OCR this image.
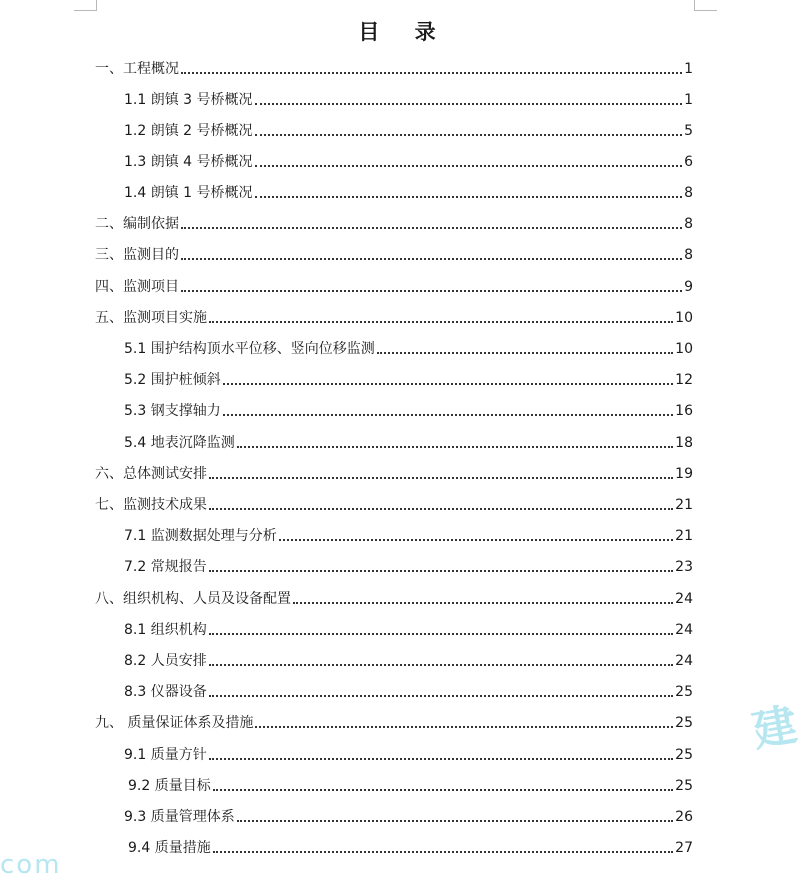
目 录
一、工程概况	1
1.1 朗镇 3 号桥概况	1
1.2 朗镇 2 号桥概况	5
1.3 朗镇 4 号桥概况	6
1.4 朗镇 1 号桥概况	8
二、编制依据	8
三、监测目的	8
四、监测项目	9
五、监测项目实施	10
5.1 围护结构顶水平位移、竖向位移监测	10
5.2 围护桩倾斜	12
5.3 钢支撑轴力	16
5.4 地表沉降监测	18
六、总体测试安排	19
七、监测技术成果	21
7.1 监测数据处理与分析	21
7.2 常规报告	23
八、组织机构、人员及设备配置	24
8.1 组织机构	24
8.2 人员安排	24
8.3 仪器设备	25
九、 质量保证体系及措施	25
9.1 质量方针	25
9.2 质量目标	25
9.3 质量管理体系	26
9.4 质量措施	27
建
com
